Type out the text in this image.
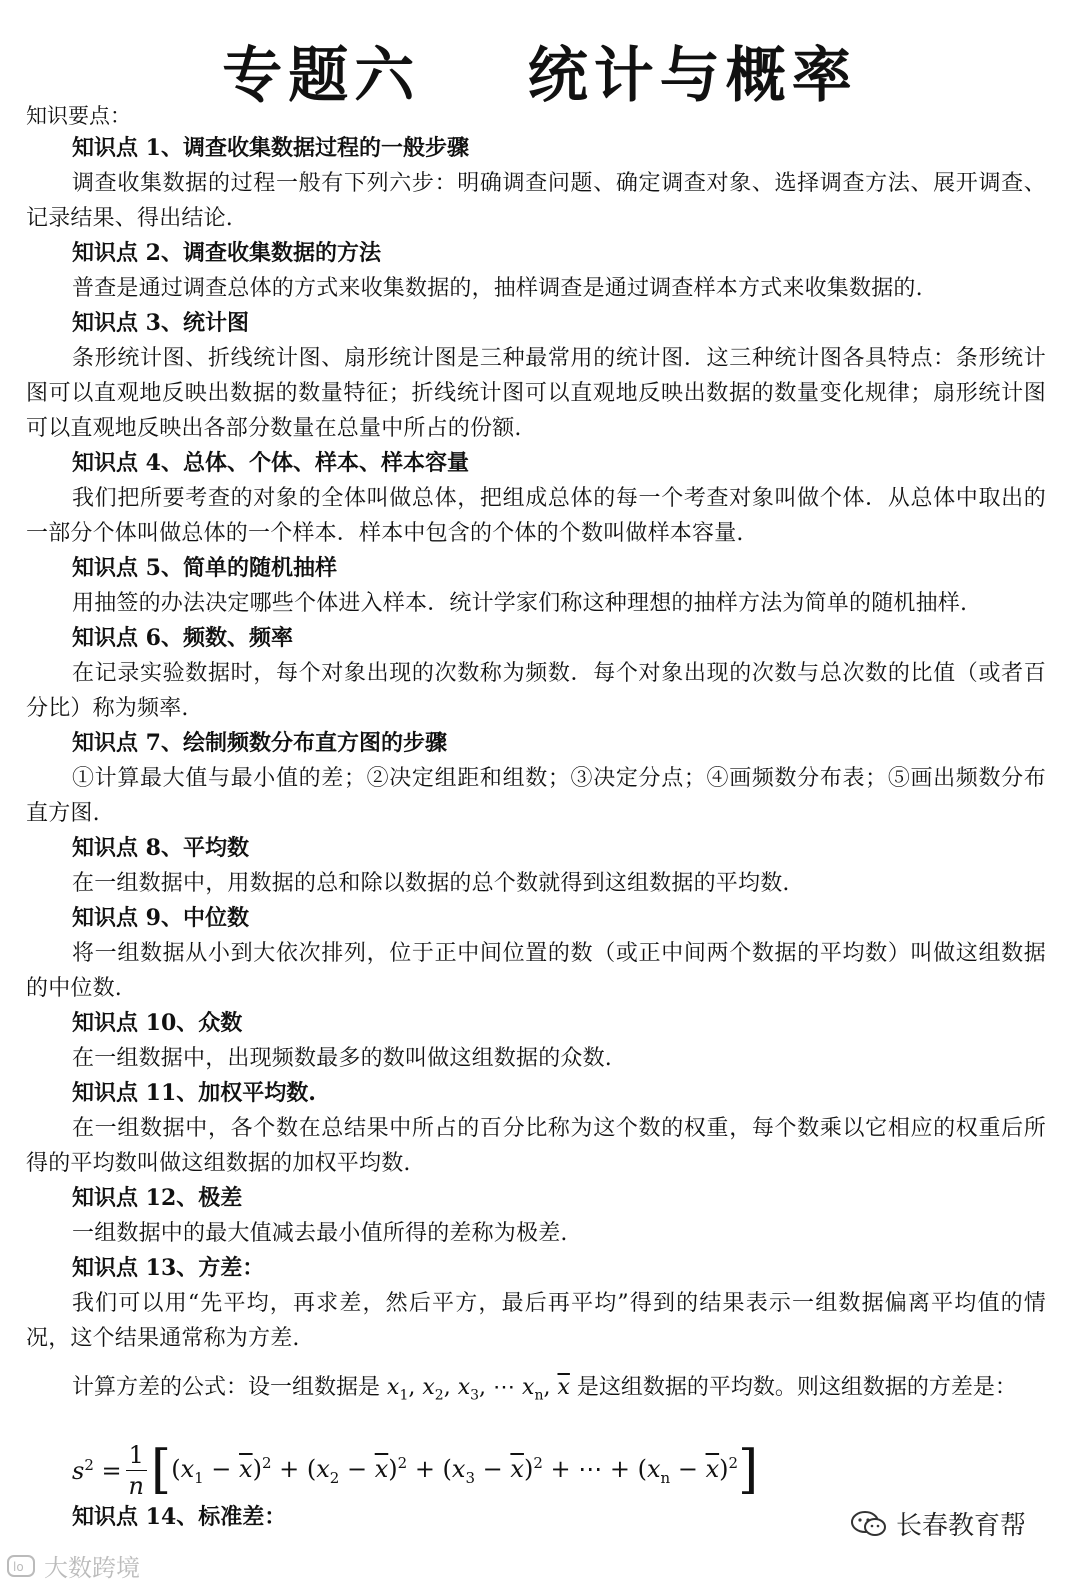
专题六    统计与概率
知识要点：
知识点 1、调查收集数据过程的一般步骤
调查收集数据的过程一般有下列六步：明确调查问题、确定调查对象、选择调查方法、展开调查、记录结果、得出结论.
知识点 2、调查收集数据的方法
普查是通过调查总体的方式来收集数据的，抽样调查是通过调查样本方式来收集数据的.
知识点 3、统计图
条形统计图、折线统计图、扇形统计图是三种最常用的统计图．这三种统计图各具特点：条形统计图可以直观地反映出数据的数量特征；折线统计图可以直观地反映出数据的数量变化规律；扇形统计图可以直观地反映出各部分数量在总量中所占的份额.
知识点 4、总体、个体、样本、样本容量
我们把所要考查的对象的全体叫做总体，把组成总体的每一个考查对象叫做个体．从总体中取出的一部分个体叫做总体的一个样本．样本中包含的个体的个数叫做样本容量.
知识点 5、简单的随机抽样
用抽签的办法决定哪些个体进入样本．统计学家们称这种理想的抽样方法为简单的随机抽样.
知识点 6、频数、频率
在记录实验数据时，每个对象出现的次数称为频数．每个对象出现的次数与总次数的比值（或者百分比）称为频率.
知识点 7、绘制频数分布直方图的步骤
①计算最大值与最小值的差；②决定组距和组数；③决定分点；④画频数分布表；⑤画出频数分布直方图.
知识点 8、平均数
在一组数据中，用数据的总和除以数据的总个数就得到这组数据的平均数.
知识点 9、中位数
将一组数据从小到大依次排列，位于正中间位置的数（或正中间两个数据的平均数）叫做这组数据的中位数.
知识点 10、众数
在一组数据中，出现频数最多的数叫做这组数据的众数.
知识点 11、加权平均数.
在一组数据中，各个数在总结果中所占的百分比称为这个数的权重，每个数乘以它相应的权重后所得的平均数叫做这组数据的加权平均数.
知识点 12、极差
一组数据中的最大值减去最小值所得的差称为极差.
知识点 13、方差：
我们可以用“先平均，再求差，然后平方，最后再平均”得到的结果表示一组数据偏离平均值的情况，这个结果通常称为方差.
计算方差的公式：设一组数据是 $x_1$, $x_2$, $x_3$, ⋯ $x_n$, $\overline{x}$ 是这组数据的平均数。则这组数据的方差是：
$s^2 = \frac{1}{n}$ [ $(x_1 - \overline{x})^2 + (x_2 - \overline{x})^2 + (x_3 - \overline{x})^2$ + ⋯ + $(x_n - \overline{x})^2$ ]
知识点 14、标准差：	长春教育帮
lo 大数跨境
